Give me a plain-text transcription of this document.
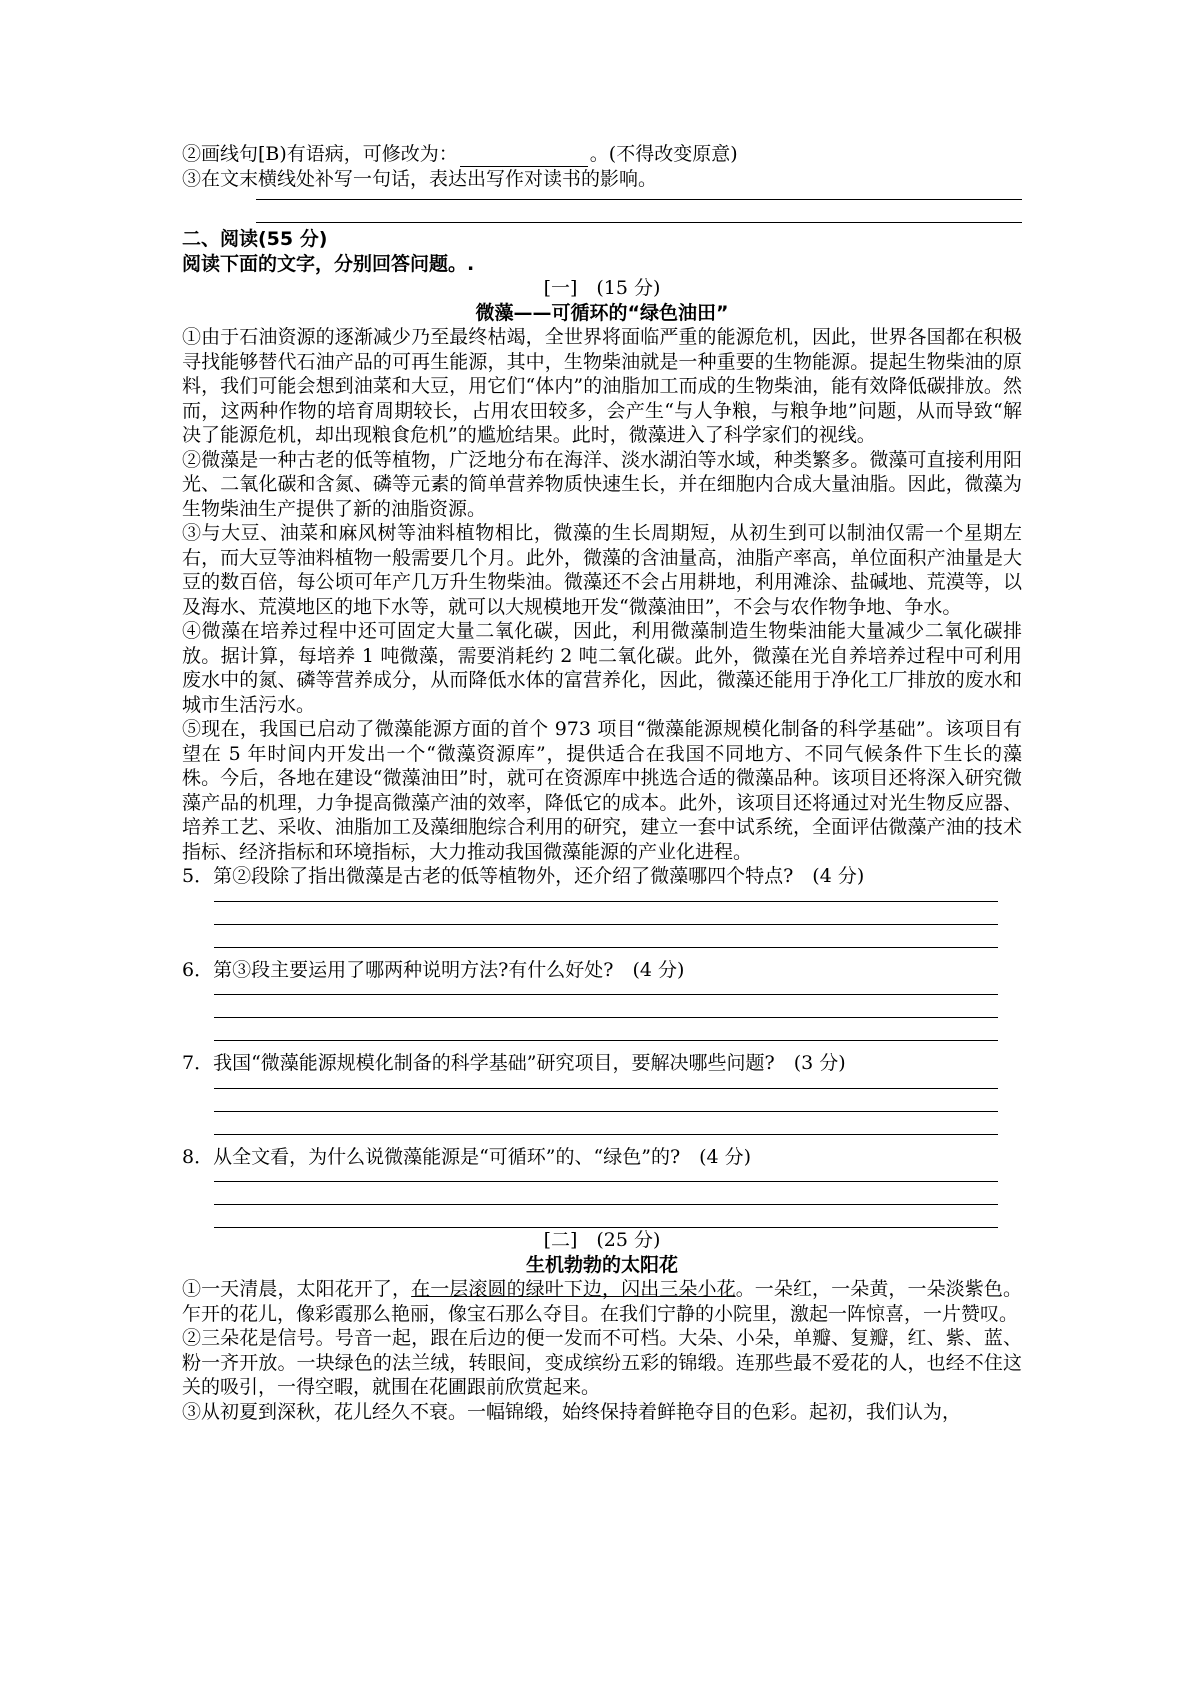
②画线句[B)有语病，可修改为：	。(不得改变原意)
③在文末横线处补写一句话，表达出写作对读书的影响。
二、阅读(55 分)
阅读下面的文字，分别回答问题。.
[一]　(15 分)
微藻——可循环的“绿色油田”

①由于石油资源的逐渐减少乃至最终枯竭，全世界将面临严重的能源危机，因此，世界各国都在积极寻找能够替代石油产品的可再生能源，其中，生物柴油就是一种重要的生物能源。提起生物柴油的原料，我们可能会想到油菜和大豆，用它们“体内”的油脂加工而成的生物柴油，能有效降低碳排放。然而，这两种作物的培育周期较长，占用农田较多，会产生“与人争粮，与粮争地”问题，从而导致“解决了能源危机，却出现粮食危机”的尴尬结果。此时，微藻进入了科学家们的视线。

②微藻是一种古老的低等植物，广泛地分布在海洋、淡水湖泊等水域，种类繁多。微藻可直接利用阳光、二氧化碳和含氮、磷等元素的简单营养物质快速生长，并在细胞内合成大量油脂。因此，微藻为生物柴油生产提供了新的油脂资源。

③与大豆、油菜和麻风树等油料植物相比，微藻的生长周期短，从初生到可以制油仅需一个星期左右，而大豆等油料植物一般需要几个月。此外，微藻的含油量高，油脂产率高，单位面积产油量是大豆的数百倍，每公顷可年产几万升生物柴油。微藻还不会占用耕地，利用滩涂、盐碱地、荒漠等，以及海水、荒漠地区的地下水等，就可以大规模地开发“微藻油田”，不会与农作物争地、争水。

④微藻在培养过程中还可固定大量二氧化碳，因此，利用微藻制造生物柴油能大量减少二氧化碳排放。据计算，每培养 1 吨微藻，需要消耗约 2 吨二氧化碳。此外，微藻在光自养培养过程中可利用废水中的氮、磷等营养成分，从而降低水体的富营养化，因此，微藻还能用于净化工厂排放的废水和城市生活污水。

⑤现在，我国已启动了微藻能源方面的首个 973 项目“微藻能源规模化制备的科学基础”。该项目有望在 5 年时间内开发出一个“微藻资源库”，提供适合在我国不同地方、不同气候条件下生长的藻株。今后，各地在建设“微藻油田”时，就可在资源库中挑选合适的微藻品种。该项目还将深入研究微藻产品的机理，力争提高微藻产油的效率，降低它的成本。此外，该项目还将通过对光生物反应器、培养工艺、采收、油脂加工及藻细胞综合利用的研究，建立一套中试系统，全面评估微藻产油的技术指标、经济指标和环境指标，大力推动我国微藻能源的产业化进程。

5．第②段除了指出微藻是古老的低等植物外，还介绍了微藻哪四个特点?　(4 分)
6．第③段主要运用了哪两种说明方法?有什么好处?　(4 分)
7．我国“微藻能源规模化制备的科学基础”研究项目，要解决哪些问题?　(3 分)
8．从全文看，为什么说微藻能源是“可循环”的、“绿色”的?　(4 分)
[二]　(25 分)
生机勃勃的太阳花

①一天清晨，太阳花开了，在一层滚圆的绿叶下边，闪出三朵小花。一朵红，一朵黄，一朵淡紫色。乍开的花儿，像彩霞那么艳丽，像宝石那么夺目。在我们宁静的小院里，激起一阵惊喜，一片赞叹。

②三朵花是信号。号音一起，跟在后边的便一发而不可档。大朵、小朵，单瓣、复瓣，红、紫、蓝、粉一齐开放。一块绿色的法兰绒，转眼间，变成缤纷五彩的锦缎。连那些最不爱花的人，也经不住这关的吸引，一得空暇，就围在花圃跟前欣赏起来。

③从初夏到深秋，花儿经久不衰。一幅锦缎，始终保持着鲜艳夺目的色彩。起初，我们认为，
